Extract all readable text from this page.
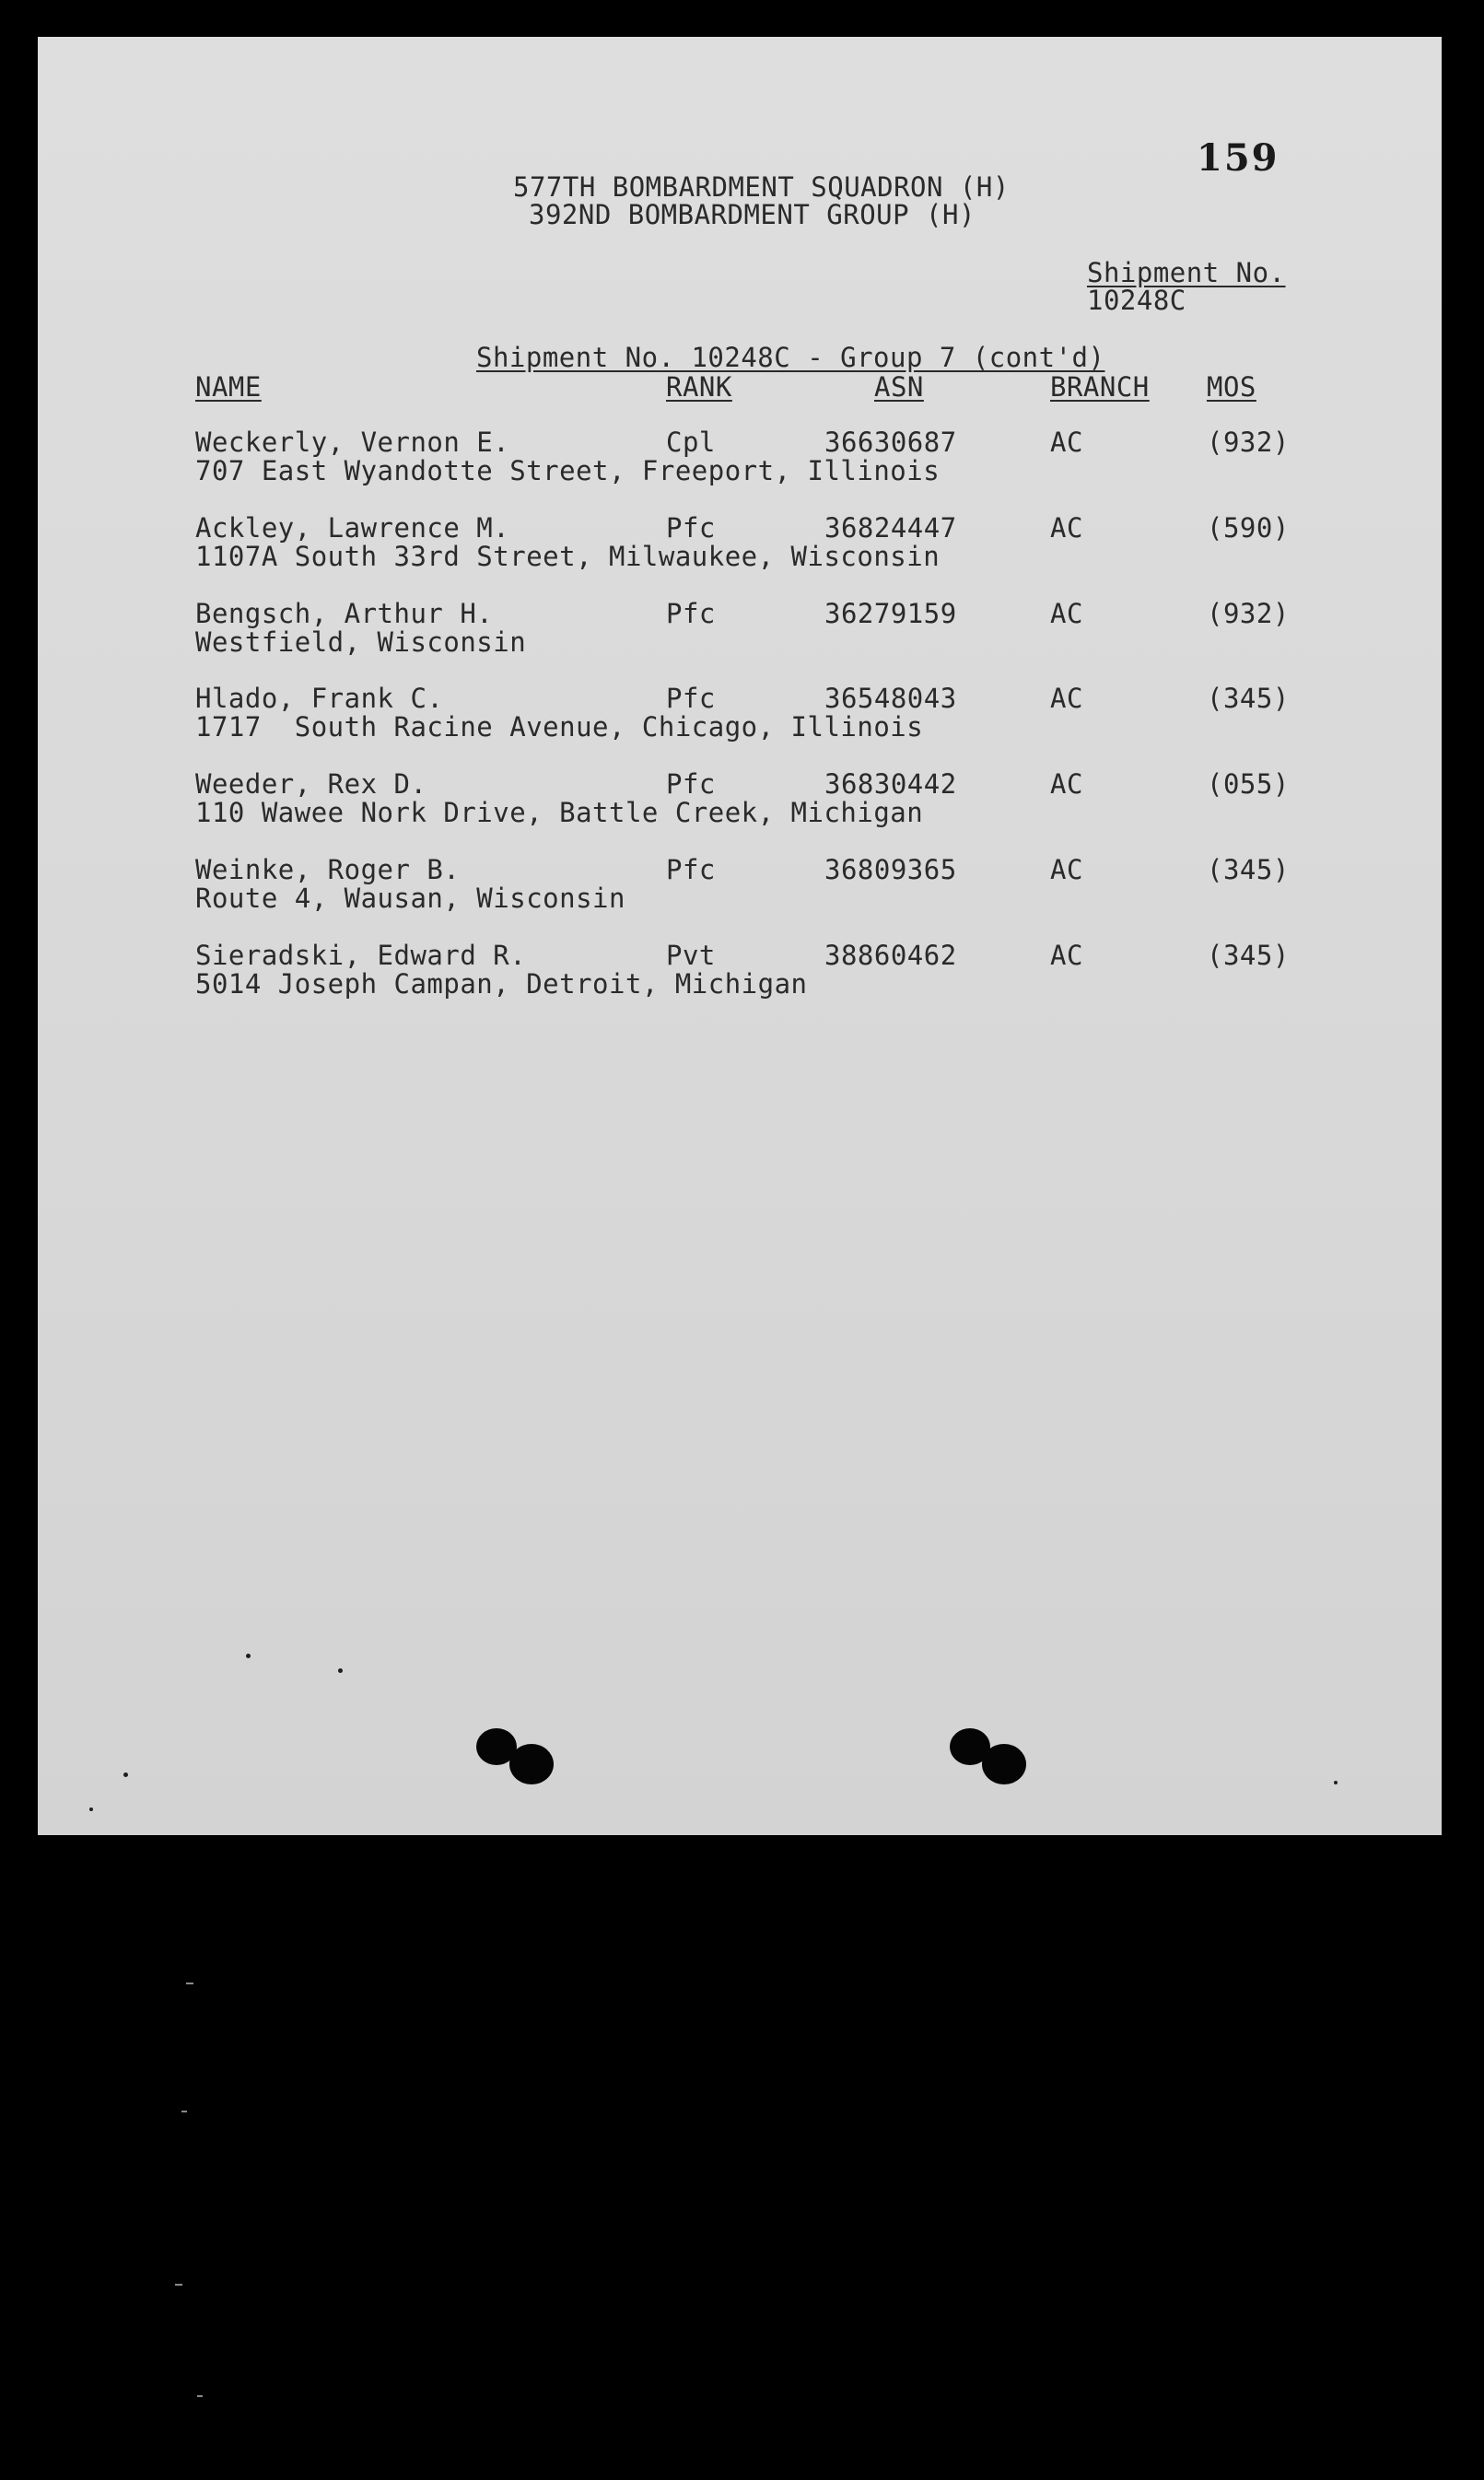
159
577TH BOMBARDMENT SQUADRON (H)
392ND BOMBARDMENT GROUP (H)
Shipment No.
10248C
Shipment No. 10248C - Group 7 (cont'd)
NAME	RANK	ASN	BRANCH MOS
Weckerly, Vernon E.	Cpl	36630687	AC	(932)
707 East Wyandotte Street, Freeport, Illinois
Ackley, Lawrence M.	Pfc	36824447	AC	(590)
1107A South 33rd Street, Milwaukee, Wisconsin
Bengsch, Arthur H.	Pfc	36279159	AC	(932)
Westfield, Wisconsin
Hlado, Frank C.	Pfc	36548043	AC	(345)
1717  South Racine Avenue, Chicago, Illinois
Weeder, Rex D.	Pfc	36830442	AC	(055)
110 Wawee Nork Drive, Battle Creek, Michigan
Weinke, Roger B.	Pfc	36809365	AC	(345)
Route 4, Wausan, Wisconsin
Sieradski, Edward R.	Pvt	38860462	AC	(345)
5014 Joseph Campan, Detroit, Michigan
